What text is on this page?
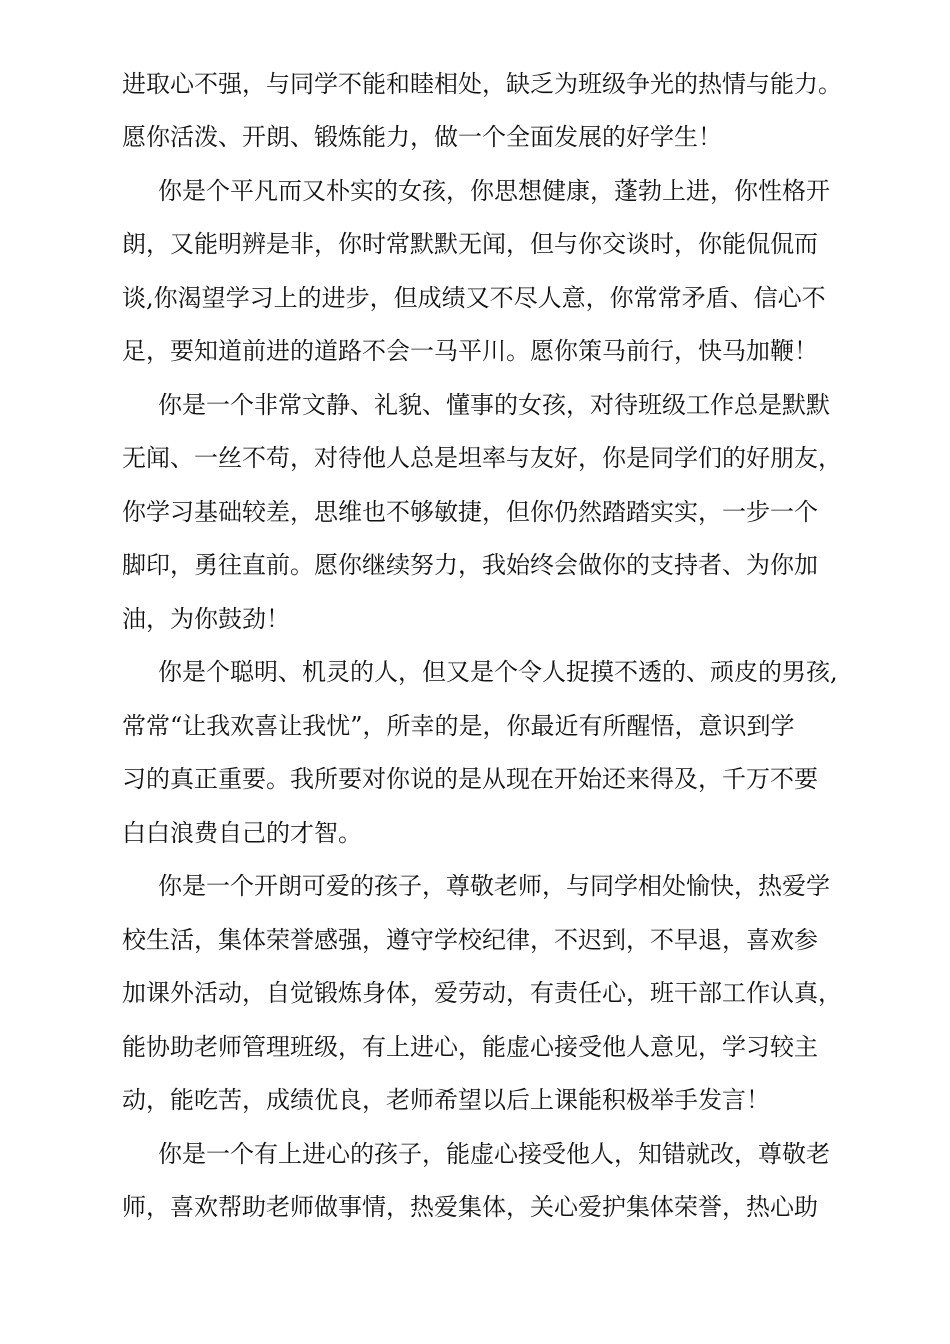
进取心不强，与同学不能和睦相处，缺乏为班级争光的热情与能力。
愿你活泼、开朗、锻炼能力，做一个全面发展的好学生！
你是个平凡而又朴实的女孩，你思想健康，蓬勃上进，你性格开
朗，又能明辨是非，你时常默默无闻，但与你交谈时，你能侃侃而
谈,你渴望学习上的进步，但成绩又不尽人意，你常常矛盾、信心不
足，要知道前进的道路不会一马平川。愿你策马前行，快马加鞭！
你是一个非常文静、礼貌、懂事的女孩，对待班级工作总是默默
无闻、一丝不苟，对待他人总是坦率与友好，你是同学们的好朋友，
你学习基础较差，思维也不够敏捷，但你仍然踏踏实实，一步一个
脚印，勇往直前。愿你继续努力，我始终会做你的支持者、为你加
油，为你鼓劲！
你是个聪明、机灵的人，但又是个令人捉摸不透的、顽皮的男孩,
常常“让我欢喜让我忧”，所幸的是，你最近有所醒悟，意识到学
习的真正重要。我所要对你说的是从现在开始还来得及，千万不要
白白浪费自己的才智。
你是一个开朗可爱的孩子，尊敬老师，与同学相处愉快，热爱学
校生活，集体荣誉感强，遵守学校纪律，不迟到，不早退，喜欢参
加课外活动，自觉锻炼身体，爱劳动，有责任心，班干部工作认真，
能协助老师管理班级，有上进心，能虚心接受他人意见，学习较主
动，能吃苦，成绩优良，老师希望以后上课能积极举手发言！
你是一个有上进心的孩子，能虚心接受他人，知错就改，尊敬老
师，喜欢帮助老师做事情，热爱集体，关心爱护集体荣誉，热心助
